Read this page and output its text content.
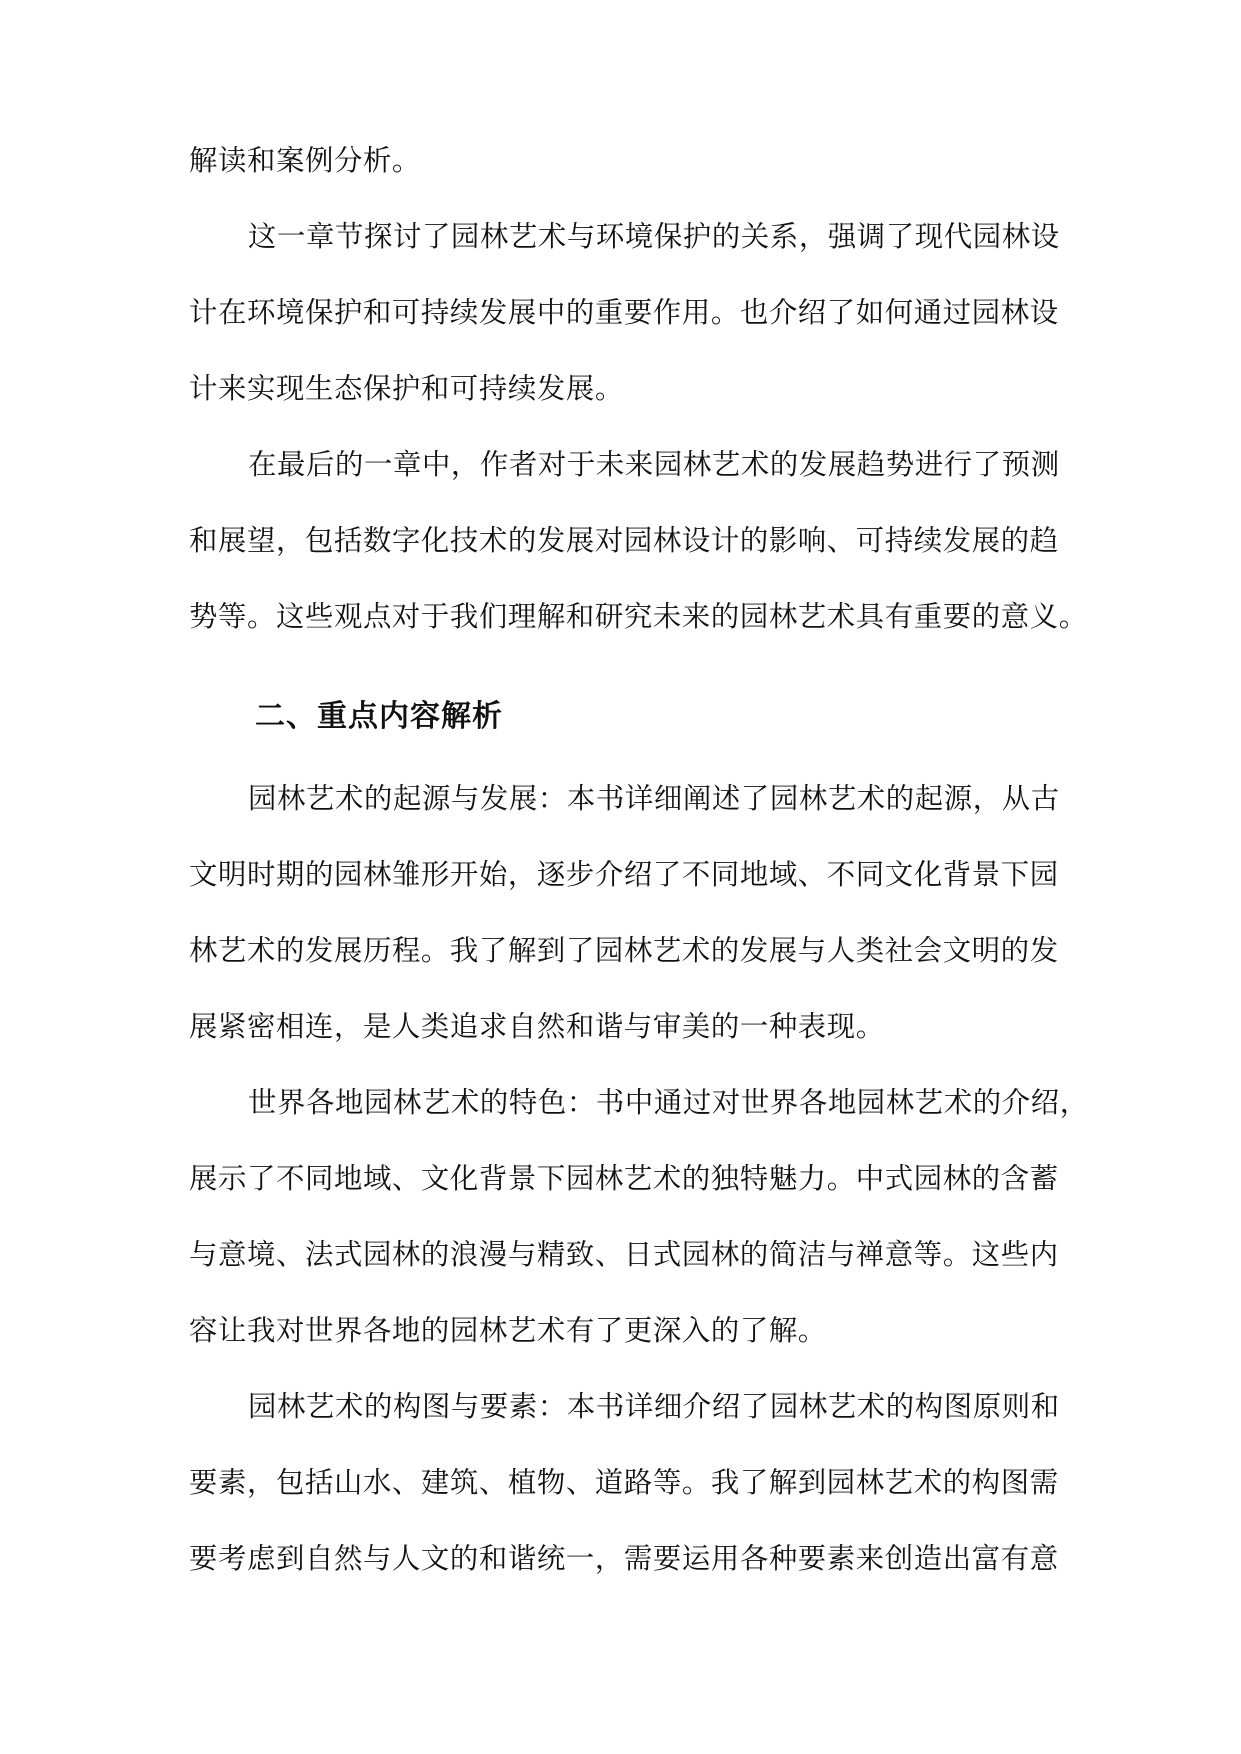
解读和案例分析。
这一章节探讨了园林艺术与环境保护的关系，强调了现代园林设
计在环境保护和可持续发展中的重要作用。也介绍了如何通过园林设
计来实现生态保护和可持续发展。
在最后的一章中，作者对于未来园林艺术的发展趋势进行了预测
和展望，包括数字化技术的发展对园林设计的影响、可持续发展的趋
势等。这些观点对于我们理解和研究未来的园林艺术具有重要的意义。
二、重点内容解析
园林艺术的起源与发展：本书详细阐述了园林艺术的起源，从古
文明时期的园林雏形开始，逐步介绍了不同地域、不同文化背景下园
林艺术的发展历程。我了解到了园林艺术的发展与人类社会文明的发
展紧密相连，是人类追求自然和谐与审美的一种表现。
世界各地园林艺术的特色：书中通过对世界各地园林艺术的介绍，
展示了不同地域、文化背景下园林艺术的独特魅力。中式园林的含蓄
与意境、法式园林的浪漫与精致、日式园林的简洁与禅意等。这些内
容让我对世界各地的园林艺术有了更深入的了解。
园林艺术的构图与要素：本书详细介绍了园林艺术的构图原则和
要素，包括山水、建筑、植物、道路等。我了解到园林艺术的构图需
要考虑到自然与人文的和谐统一，需要运用各种要素来创造出富有意
